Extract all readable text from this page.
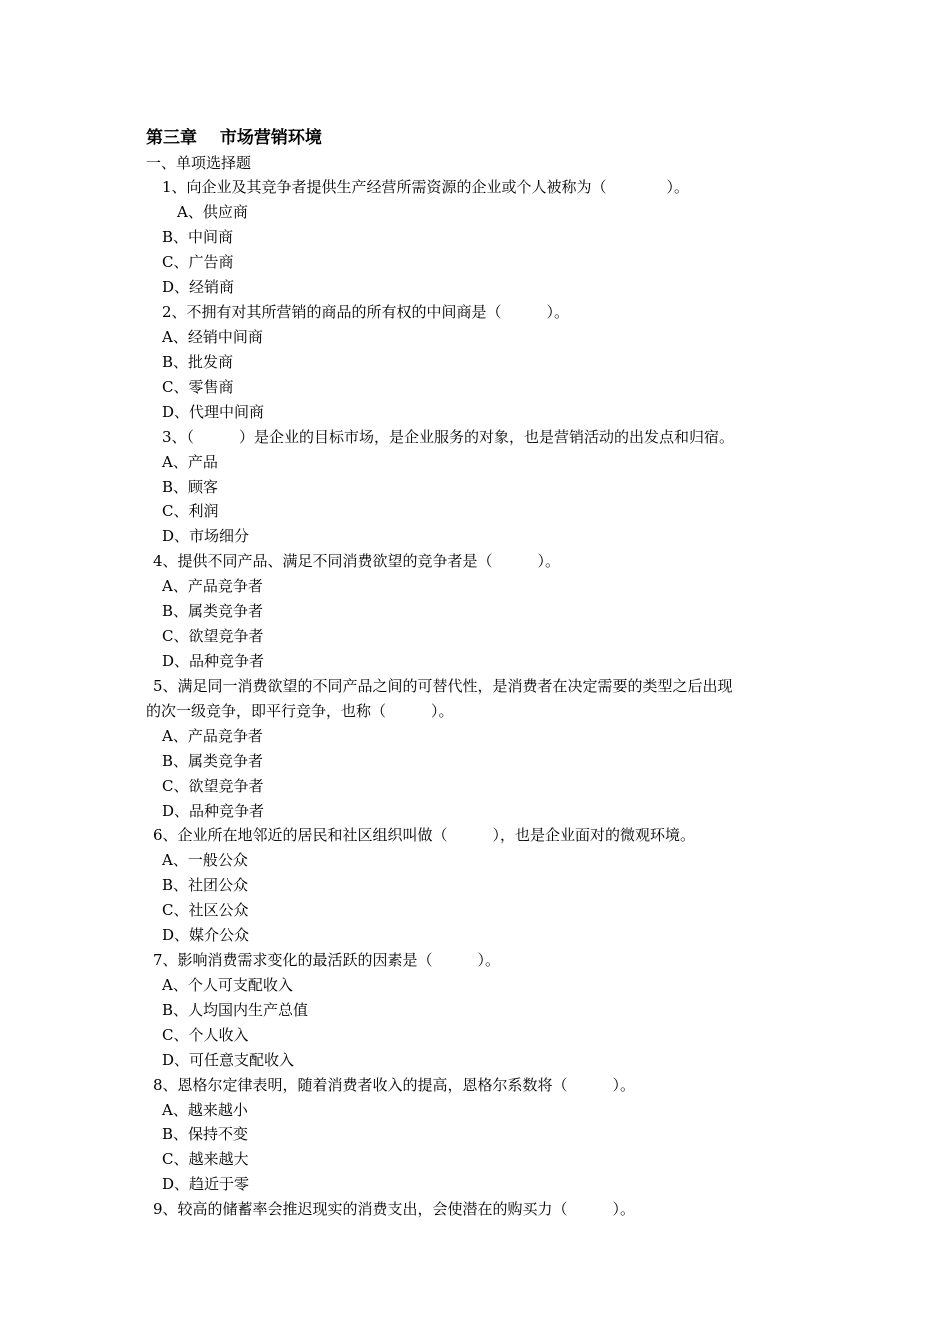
第三章　 市场营销环境
一、单项选择题
1、向企业及其竞争者提供生产经营所需资源的企业或个人被称为（　　　　）。
A、供应商
B、中间商
C、广告商
D、经销商
2、不拥有对其所营销的商品的所有权的中间商是（　　　）。
A、经销中间商
B、批发商
C、零售商
D、代理中间商
3、（　　　）是企业的目标市场，是企业服务的对象，也是营销活动的出发点和归宿。
A、产品
B、顾客
C、利润
D、市场细分
4、提供不同产品、满足不同消费欲望的竞争者是（　　　）。
A、产品竞争者
B、属类竞争者
C、欲望竞争者
D、品种竞争者
5、满足同一消费欲望的不同产品之间的可替代性，是消费者在决定需要的类型之后出现
的次一级竞争，即平行竞争，也称（　　　）。
A、产品竞争者
B、属类竞争者
C、欲望竞争者
D、品种竞争者
6、企业所在地邻近的居民和社区组织叫做（　　　），也是企业面对的微观环境。
A、一般公众
B、社团公众
C、社区公众
D、媒介公众
7、影响消费需求变化的最活跃的因素是（　　　）。
A、个人可支配收入
B、人均国内生产总值
C、个人收入
D、可任意支配收入
8、恩格尔定律表明，随着消费者收入的提高，恩格尔系数将（　　　）。
A、越来越小
B、保持不变
C、越来越大
D、趋近于零
9、较高的储蓄率会推迟现实的消费支出，会使潜在的购买力（　　　）。
